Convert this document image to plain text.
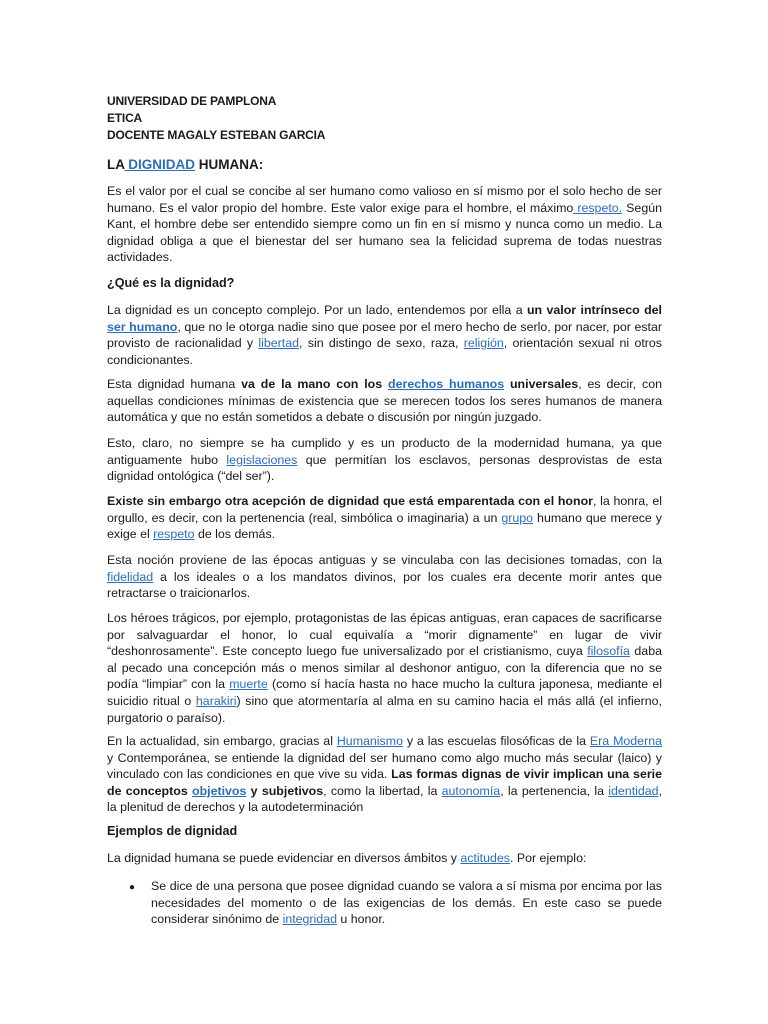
UNIVERSIDAD DE PAMPLONA
ETICA
DOCENTE MAGALY ESTEBAN GARCIA
LA DIGNIDAD HUMANA:

Es el valor por el cual se concibe al ser humano como valioso en sí mismo por el solo hecho de ser humano. Es el valor propio del hombre. Este valor exige para el hombre, el máximo respeto. Según Kant, el hombre debe ser entendido siempre como un fin en sí mismo y nunca como un medio. La dignidad obliga a que el bienestar del ser humano sea la felicidad suprema de todas nuestras actividades.

¿Qué es la dignidad?

La dignidad es un concepto complejo. Por un lado, entendemos por ella a un valor intrínseco del ser humano, que no le otorga nadie sino que posee por el mero hecho de serlo, por nacer, por estar provisto de racionalidad y libertad, sin distingo de sexo, raza, religión, orientación sexual ni otros condicionantes.

Esta dignidad humana va de la mano con los derechos humanos universales, es decir, con aquellas condiciones mínimas de existencia que se merecen todos los seres humanos de manera automática y que no están sometidos a debate o discusión por ningún juzgado.

Esto, claro, no siempre se ha cumplido y es un producto de la modernidad humana, ya que antiguamente hubo legislaciones que permitían los esclavos, personas desprovistas de esta dignidad ontológica (“del ser”).

Existe sin embargo otra acepción de dignidad que está emparentada con el honor, la honra, el orgullo, es decir, con la pertenencia (real, simbólica o imaginaria) a un grupo humano que merece y exige el respeto de los demás.

Esta noción proviene de las épocas antiguas y se vinculaba con las decisiones tomadas, con la fidelidad a los ideales o a los mandatos divinos, por los cuales era decente morir antes que retractarse o traicionarlos.

Los héroes trágicos, por ejemplo, protagonistas de las épicas antiguas, eran capaces de sacrificarse por salvaguardar el honor, lo cual equivalía a “morir dignamente” en lugar de vivir “deshonrosamente”. Este concepto luego fue universalizado por el cristianismo, cuya filosofía daba al pecado una concepción más o menos similar al deshonor antiguo, con la diferencia que no se podía “limpiar” con la muerte (como sí hacía hasta no hace mucho la cultura japonesa, mediante el suicidio ritual o harakiri) sino que atormentaría al alma en su camino hacia el más allá (el infierno, purgatorio o paraíso).

En la actualidad, sin embargo, gracias al Humanismo y a las escuelas filosóficas de la Era Moderna y Contemporánea, se entiende la dignidad del ser humano como algo mucho más secular (laico) y vinculado con las condiciones en que vive su vida. Las formas dignas de vivir implican una serie de conceptos objetivos y subjetivos, como la libertad, la autonomía, la pertenencia, la identidad, la plenitud de derechos y la autodeterminación

Ejemplos de dignidad

La dignidad humana se puede evidenciar en diversos ámbitos y actitudes. Por ejemplo:

● Se dice de una persona que posee dignidad cuando se valora a sí misma por encima por las necesidades del momento o de las exigencias de los demás. En este caso se puede considerar sinónimo de integridad u honor.
